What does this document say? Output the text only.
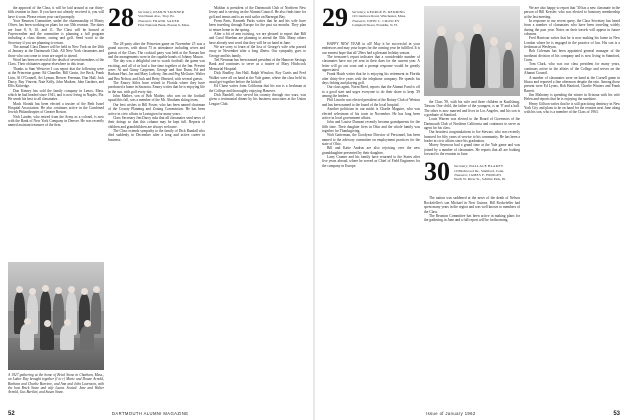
the approval of the Class, it will be laid around at our thirty-fifth reunion in June. If you have not already received it, you will have it soon. Please return your card promptly.

Your Reunion Committee, under the chairmanship of Monty Oliver, has been working on plans for our 35th reunion. The dates are June 8, 9, 10, and 11. The Class will be housed at Fayerweather and the committee is planning a full program including a class dinner, outing and golf. Send word to the Secretary if you are planning to return.

The annual Class Dinner will be held in New York on the 26th of January at the Dartmouth Club. All New York classmates and those who can come to town are urged to attend.

Word has been received of the death of several members of the Class. Their obituaries appear elsewhere in this issue.

Thanks to Sam Westover I can report that the following were at the Princeton game: Ed Chandler, Bill Gavin, Joe Beck, Frank Linn, Al O'Connell, Art Lyman, Brewer Freeman, Dan Hall, Jack Darcy, Ray Vincent, Nate Kelly, John Madsen, John Gardner, and Ellis Kittredge.

Don Kinney has sold the family company in Lenox, Mass. which he had headed since 1941, and is now living in Naples, Fla. He sends his best to all classmates.

Mack Slotnik has been elected a trustee of the Beth Israel Hospital Association. He also continues active in the Combined Jewish Philanthropies of Greater Boston.

Nick Lauder, who retired from the Army as a colonel, is now with the Bank of New York Company in Denver. He was recently named assistant treasurer of the firm.

28 Secretary, OSMUN SKINNER
Van Dusen Ave., Troy, Pa.
Treasurer, FRANK SAUER
First National Bank, Boston 6, Mass.

The 28 party after the Princeton game on November 25 was a grand success, with about 75 in attendance including wives and guests of the Class. The cocktail party was held at the Nassau Inn and the arrangements were in the capable hands of Johnny Mason.

The day was a delightful one to watch football; the game was exciting, and all of us had a fine time together at the Inn. Present were: Al and Ginny Carpenter, George and Ann Dunn, Ed and Barbara Hart, Joe and Mary Lafferty, Jim and Peg McGuire, Walter and Bea Nelson, and Jack and Betty Olmsted, with several guests.

The Emory Stiles have retired to Florida where they have purchased a home in Sarasota. Emory writes that he is enjoying life in the sun, with golf every day.

John Mather, son of Bob Mather, who was on the football squad this fall, was a member of the Mt. Abraham skiing team.

Our best wishes to Bill Foster, who has been named chairman of the County Planning and Zoning Commission. He has been active in civic affairs in Lexington for many years.

Class Secretary Jim Darcy asks that all classmates send news of their doings so that this column may be kept full. Reports of children and grandchildren are always welcome.

The Class extends sympathy to the family of Dick Randall who died suddenly in December after a long and active career in business.

Mahlon is president of the Dartmouth Club of Northern New Jersey and is serving on the Alumni Council. He also finds time for golf and tennis and is an avid sailor on Barnegat Bay.

From Paris, Kenneth Parks writes that he and his wife have been traveling through Europe for the past six months. They plan to return home in the spring.

After a bit of arm twisting, we are pleased to report that Bill and Carol Sheehan are planning to attend the 35th. Many others have already sent word that they will be on hand in June.

We are sorry to learn of the loss of George's wife who passed away in November after a long illness. Our sympathy goes to George and his family.

Ted Newman has been named president of the Hanover Savings Bank and continues to serve as a trustee of Mary Hitchcock Memorial Hospital.

Dick Bradley, Jim Hall, Ralph Winslow, Roy Curtis and Fred Walker were all on hand at the Yale game, where the class held its usual get-together before the kickoff.

Ed Chase writes from California that his son is a freshman at the College and thoroughly enjoying Hanover.

Dick Randell, who served his country through two wars, was given a testimonial dinner by his business associates at the Union League Club.

A 1927 gathering at the home of Brick Stone in Chatham, Mass., on Labor Day brought together (l to r) Marie and Doane Arnold, Barbara and Charlie Barriere, and Ann and John Lavenson, with the host Brick Stone and wife Laura. Seated: Jane and Walter Arnold, Gus Bartlett, and Susan Stone.
52	DARTMOUTH ALUMNI MAGAZINE
29 Secretary, GEORGE B. REDDING
19 Cranmore Road, Winchester, Mass.
Treasurer, JOHN C. CROSLEY
Campbell Street, Franklin, N. H.

HAPPY NEW YEAR to all! May it be successful in your endeavors and may your hopes for the coming year be fulfilled. It is our earnest hope that all '29ers had a pleasant holiday season.

The treasurer's report indicates that a considerable number of classmates have not yet sent in their dues for the current year. A letter will go out soon and a prompt response would be greatly appreciated.

Frank Hatch writes that he is enjoying his retirement in Florida after thirty-five years with the telephone company. He spends his days fishing and playing golf.

Our class agent, Norm Reed, reports that the Alumni Fund is off to a good start and urges everyone to do their share to keep '29 among the leaders.

Phil Lincoln was elected president of the Rotary Club of Weston and has been named to the board of the local hospital.

Another politician in our midst is Charlie Maguire, who was elected selectman of his town in November. He has long been active in local government affairs.

John and Louise Dumont recently became grandparents for the fifth time. Their daughter lives in Ohio and the whole family was together for Thanksgiving.

Walt Gatterman, the Goodyear Director of Personnel, has been named to the advisory committee on employment practices for the state of Ohio.

Bill and Katie Andrus are also rejoicing over the new granddaughter presented by their daughter.

Larry Cramer and his family have returned to the States after five years abroad, where he served as Chief of Field Engineers for the company in Europe.

the Class '39, with his wife and three children in Kasilsburg, Taiwan. One child, the father of the youngest, is an '8' and a half. The other is now married and lives in Los Angeles, and his son is a graduate of Stanford.

Louis Warren was elected to the Board of Governors of the Dartmouth Club of Northern California and continues to serve as agent for his class.

Our heartiest congratulations to Joe Stewart, who was recently honored for fifty years of service to his community. He has been a leader in civic affairs since his graduation.

Morey Seymour had a grand time at the Yale game and was joined by a number of classmates. He reports that all are looking forward to the reunion in June.

30 Secretary, WALLACE BLAKEY
10 Birchwood Dr., Stamford, Conn.
Treasurer, JAMES F. HODGES
North W. River St., Schiller Park, Ill.

The nation was saddened at the news of the death of Nelson Rockefeller's son Michael in New Guinea. Bill Rockefeller had spent many years in the region and was well known to members of the Class.

The Reunion Committee has been active in making plans for the gathering in June and a full report will be forthcoming.

We are also happy to report that '30 has a new classmate in the person of Bill Kessler, who was elected to honorary membership at the last meeting.

In response to our recent query, the Class Secretary has heard from a number of classmates who have been traveling widely during the past year. Notes on their travels will appear in future columns.

Fred Harrison writes that he is now making his home in New London where he is engaged in the practice of law. His son is a freshman at Wesleyan.

Bob Coleman has been appointed general manager of the northeast division of his company and is now living in Stamford, Conn.

Tom Clark, who was our class president for many years, continues active in the affairs of the College and serves on the Alumni Council.

A number of classmates were on hand at the Cornell game in Ithaca and reported a fine afternoon despite the rain. Among those present were Ed Lyons, Bob Hanford, Charlie Winters and Frank Barrett.

Jim Mahoney is spending the winter in Arizona with his wife Helen and reports that he is enjoying the sunshine.

Henry Gillson writes that he is still practicing dentistry in New York City and plans to be on hand for the reunion next June along with his son, who is a member of the Class of 1963.

Issue of January 1962	53
